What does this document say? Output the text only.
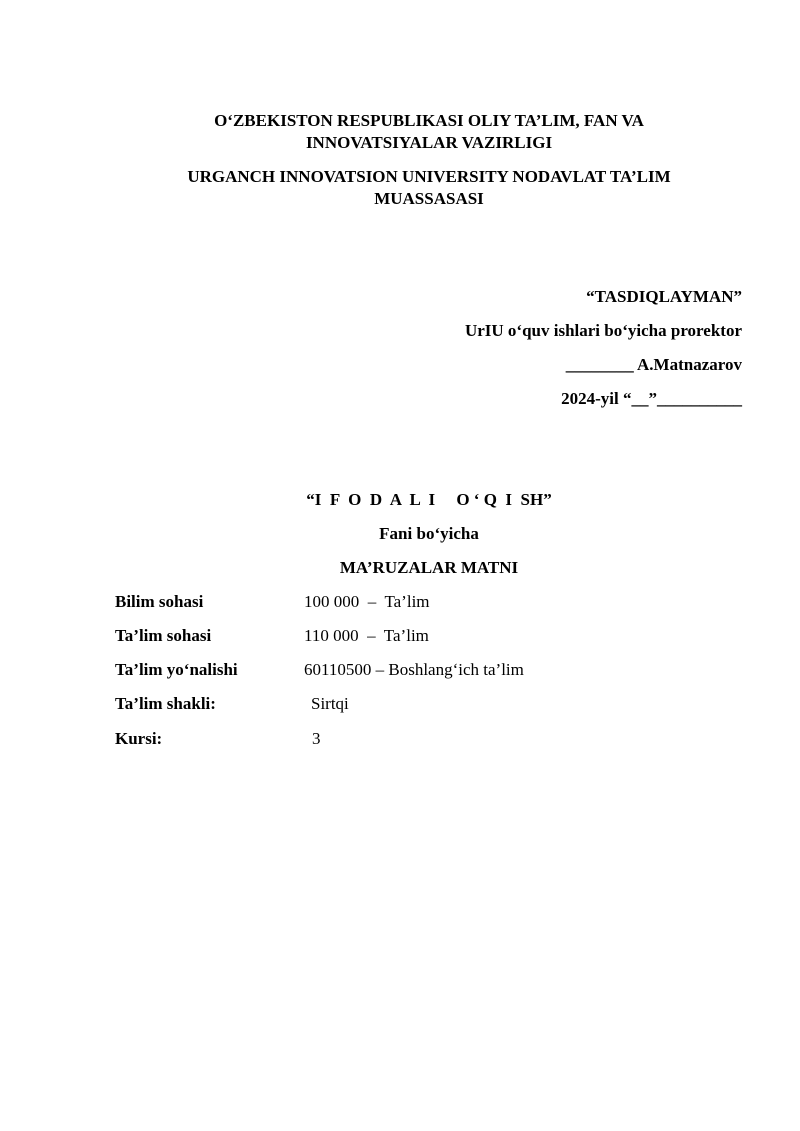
O‘ZBEKISTON RESPUBLIKASI OLIY TA’LIM, FAN VA INNOVATSIYALAR VAZIRLIGI
URGANCH INNOVATSION UNIVERSITY NODAVLAT TA’LIM MUASSASASI
“TASDIQLAYMAN”
UrIU o‘quv ishlari bo‘yicha prorektor
________ A.Matnazarov
2024-yil “__”__________
“I  F  O  D  A  L  I     O ‘ Q  I  SH”
Fani bo‘yicha
MA’RUZALAR MATNI
Bilim sohasi	100 000  –  Ta’lim
Ta’lim sohasi	110 000  –  Ta’lim
Ta’lim yo‘nalishi	60110500 – Boshlang‘ich ta’lim
Ta’lim shakli:	Sirtqi
Kursi:	3
